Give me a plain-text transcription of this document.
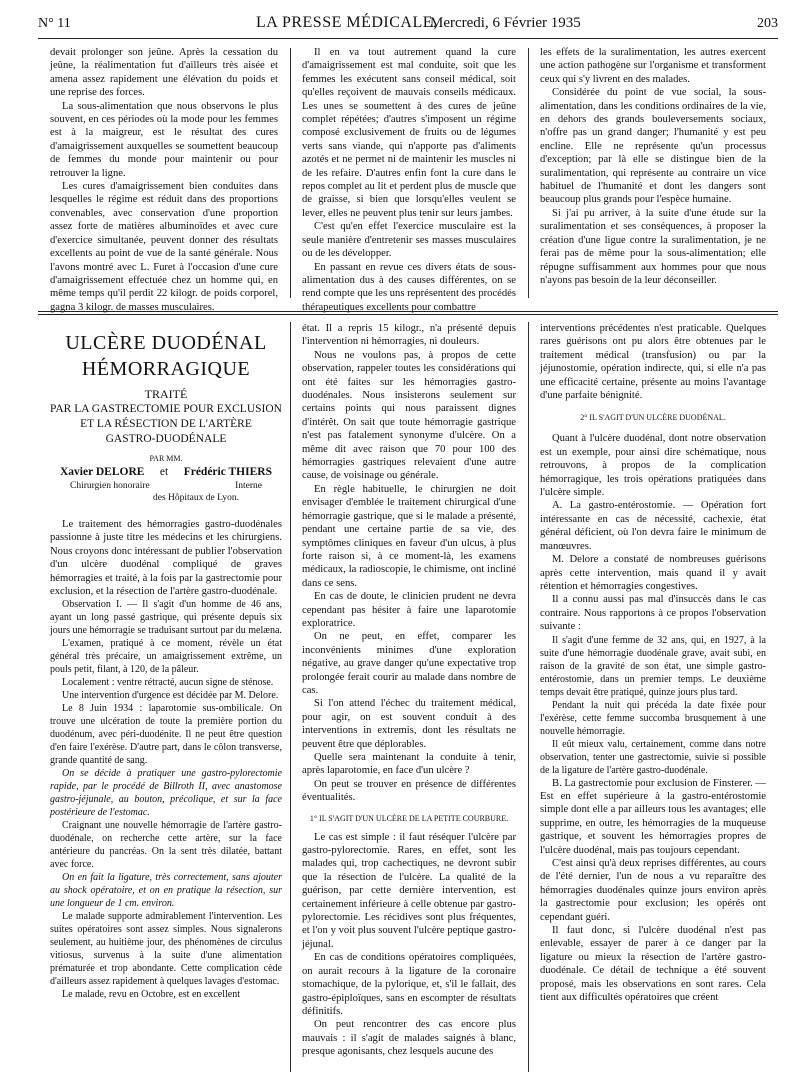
N° 11	LA PRESSE MÉDICALE,
Mercredi, 6 Février 1935	203

devait prolonger son jeûne. Après la cessation du jeûne, la réalimentation fut d'ailleurs très aisée et amena assez rapidement une élévation du poids et une reprise des forces.

La sous-alimentation que nous observons le plus souvent, en ces périodes où la mode pour les femmes est à la maigreur, est le résultat des cures d'amaigrissement auxquelles se soumettent beaucoup de femmes du monde pour maintenir ou pour retrouver la ligne.

Les cures d'amaigrissement bien conduites dans lesquelles le régime est réduit dans des proportions convenables, avec conservation d'une proportion assez forte de matières albuminoïdes et avec cure d'exercice simultanée, peuvent donner des résultats excellents au point de vue de la santé générale. Nous l'avons montré avec L. Furet à l'occasion d'une cure d'amaigrissement effectuée chez un homme qui, en même temps qu'il perdit 22 kilogr. de poids corporel, gagna 3 kilogr. de masses musculaires.

Il en va tout autrement quand la cure d'amaigrissement est mal conduite, soit que les femmes les exécutent sans conseil médical, soit qu'elles reçoivent de mauvais conseils médicaux. Les unes se soumettent à des cures de jeûne complet répétées; d'autres s'imposent un régime composé exclusivement de fruits ou de légumes verts sans viande, qui n'apporte pas d'aliments azotés et ne permet ni de maintenir les muscles ni de les refaire. D'autres enfin font la cure dans le repos complet au lit et perdent plus de muscle que de graisse, si bien que lorsqu'elles veulent se lever, elles ne peuvent plus tenir sur leurs jambes.

C'est qu'en effet l'exercice musculaire est la seule manière d'entretenir ses masses musculaires ou de les développer.

En passant en revue ces divers états de sous-alimentation dus à des causes différentes, on se rend compte que les uns représentent des procédés thérapeutiques excellents pour combattre

les effets de la suralimentation, les autres exercent une action pathogène sur l'organisme et transforment ceux qui s'y livrent en des malades.

Considérée du point de vue social, la sous-alimentation, dans les conditions ordinaires de la vie, en dehors des grands bouleversements sociaux, n'offre pas un grand danger; l'humanité y est peu encline. Elle ne représente qu'un processus d'exception; par là elle se distingue bien de la suralimentation, qui représente au contraire un vice habituel de l'humanité et dont les dangers sont beaucoup plus grands pour l'espèce humaine.

Si j'ai pu arriver, à la suite d'une étude sur la suralimentation et ses conséquences, à proposer la création d'une ligue contre la suralimentation, je ne ferai pas de même pour la sous-alimentation; elle répugne suffisamment aux hommes pour que nous n'ayons pas besoin de la leur déconseiller.

ULCÈRE DUODÉNAL
HÉMORRAGIQUE
TRAITÉ
PAR LA GASTRECTOMIE POUR EXCLUSION
ET LA RÉSECTION DE L'ARTÈRE
GASTRO-DUODÉNALE
PAR MM.
Xavier DELORE et Frédéric THIERS
Chirurgien honoraire	Interne
des Hôpitaux de Lyon.

Le traitement des hémorragies gastro-duodénales passionne à juste titre les médecins et les chirurgiens. Nous croyons donc intéressant de publier l'observation d'un ulcère duodénal compliqué de graves hémorragies et traité, à la fois par la gastrectomie pour exclusion, et la résection de l'artère gastro-duodénale.

Observation I. — Il s'agit d'un homme de 46 ans, ayant un long passé gastrique, qui présente depuis six jours une hémorragie se traduisant surtout par du melæna.

L'examen, pratiqué à ce moment, révèle un état général très précaire, un amaigrissement extrême, un pouls petit, filant, à 120, de la pâleur.

Localement : ventre rétracté, aucun signe de sténose.

Une intervention d'urgence est décidée par M. Delore.

Le 8 Juin 1934 : laparotomie sus-ombilicale. On trouve une ulcération de toute la première portion du duodénum, avec péri-duodénite. Il ne peut être question d'en faire l'exérèse. D'autre part, dans le côlon transverse, grande quantité de sang.

On se décide à pratiquer une gastro-pylorectomie rapide, par le procédé de Billroth II, avec anastomose gastro-jéjunale, au bouton, précolique, et sur la face postérieure de l'estomac.

Craignant une nouvelle hémorragie de l'artère gastro-duodénale, on recherche cette artère, sur la face antérieure du pancréas. On la sent très dilatée, battant avec force.

On en fait la ligature, très correctement, sans ajouter au shock opératoire, et on en pratique la résection, sur une longueur de 1 cm. environ.

Le malade supporte admirablement l'intervention. Les suites opératoires sont assez simples. Nous signalerons seulement, au huitième jour, des phénomènes de circulus vitiosus, survenus à la suite d'une alimentation prématurée et trop abondante. Cette complication cède d'ailleurs assez rapidement à quelques lavages d'estomac.

Le malade, revu en Octobre, est en excellent

état. Il a repris 15 kilogr., n'a présenté depuis l'intervention ni hémorragies, ni douleurs.

Nous ne voulons pas, à propos de cette observation, rappeler toutes les considérations qui ont été faites sur les hémorragies gastro-duodénales. Nous insisterons seulement sur certains points qui nous paraissent dignes d'intérêt. On sait que toute hémorragie gastrique n'est pas fatalement synonyme d'ulcère. On a même dit avec raison que 70 pour 100 des hémorragies gastriques relevaient d'une autre cause, de voisinage ou générale.

En règle habituelle, le chirurgien ne doit envisager d'emblée le traitement chirurgical d'une hémorragie gastrique, que si le malade a présenté, pendant une certaine partie de sa vie, des symptômes cliniques en faveur d'un ulcus, à plus forte raison si, à ce moment-là, les examens médicaux, la radioscopie, le chimisme, ont incliné dans ce sens.

En cas de doute, le clinicien prudent ne devra cependant pas hésiter à faire une laparotomie exploratrice.

On ne peut, en effet, comparer les inconvénients minimes d'une exploration négative, au grave danger qu'une expectative trop prolongée ferait courir au malade dans nombre de cas.

Si l'on attend l'échec du traitement médical, pour agir, on est souvent conduit à des interventions in extremis, dont les résultats ne peuvent être que déplorables.

Quelle sera maintenant la conduite à tenir, après laparotomie, en face d'un ulcère ?

On peut se trouver en présence de différentes éventualités.

1° IL S'AGIT D'UN ULCÈRE DE LA PETITE COURBURE.

Le cas est simple : il faut réséquer l'ulcère par gastro-pylorectomie. Rares, en effet, sont les malades qui, trop cachectiques, ne devront subir que la résection de l'ulcère. La qualité de la guérison, par cette dernière intervention, est certainement inférieure à celle obtenue par gastro-pylorectomie. Les récidives sont plus fréquentes, et l'on y voit plus souvent l'ulcère peptique gastro-jéjunal.

En cas de conditions opératoires compliquées, on aurait recours à la ligature de la coronaire stomachique, de la pylorique, et, s'il le fallait, des gastro-épiploïques, sans en escompter de résultats définitifs.

On peut rencontrer des cas encore plus mauvais : il s'agit de malades saignés à blanc, presque agonisants, chez lesquels aucune des

interventions précédentes n'est praticable. Quelques rares guérisons ont pu alors être obtenues par le traitement médical (transfusion) ou par la jéjunostomie, opération indirecte, qui, si elle n'a pas une efficacité certaine, présente au moins l'avantage d'une parfaite bénignité.

2° IL S'AGIT D'UN ULCÈRE DUODÉNAL.

Quant à l'ulcère duodénal, dont notre observation est un exemple, pour ainsi dire schématique, nous retrouvons, à propos de la complication hémorragique, les trois opérations pratiquées dans l'ulcère simple.

A. La gastro-entérostomie. — Opération fort intéressante en cas de nécessité, cachexie, état général déficient, où l'on devra faire le minimum de manœuvres.

M. Delore a constaté de nombreuses guérisons après cette intervention, mais quand il y avait rétention et hémorragies congestives.

Il a connu aussi pas mal d'insuccès dans le cas contraire. Nous rapportons à ce propos l'observation suivante :

Il s'agit d'une femme de 32 ans, qui, en 1927, à la suite d'une hémorragie duodénale grave, avait subi, en raison de la gravité de son état, une simple gastro-entérostomie, dans un premier temps. Le deuxième temps devait être pratiqué, quinze jours plus tard.

Pendant la nuit qui précéda la date fixée pour l'exérèse, cette femme succomba brusquement à une nouvelle hémorragie.

Il eût mieux valu, certainement, comme dans notre observation, tenter une gastrectomie, suivie si possible de la ligature de l'artère gastro-duodénale.

B. La gastrectomie pour exclusion de Finsterer. — Est en effet supérieure à la gastro-entérostomie simple dont elle a par ailleurs tous les avantages; elle supprime, en outre, les hémorragies de la muqueuse gastrique, et souvent les hémorragies propres de l'ulcère duodénal, mais pas toujours cependant.

C'est ainsi qu'à deux reprises différentes, au cours de l'été dernier, l'un de nous a vu reparaître des hémorragies duodénales quinze jours environ après la gastrectomie pour exclusion; les opérés ont cependant guéri.

Il faut donc, si l'ulcère duodénal n'est pas enlevable, essayer de parer à ce danger par la ligature ou mieux la résection de l'artère gastro-duodénale. Ce détail de technique a été souvent proposé, mais les observations en sont rares. Cela tient aux difficultés opératoires que créent
